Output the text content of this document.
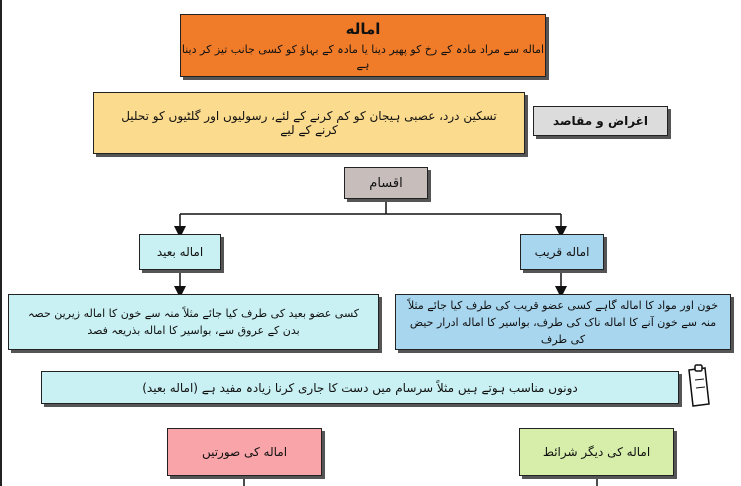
اماله
اماله سے مراد مادہ کے رخ کو پھیر دینا یا مادہ کے بہاؤ کو کسی جانب تیز کر دینا ہے
تسکین درد، عصبی ہیجان کو کم کرنے کے لئے، رسولیوں اور گلٹیوں کو تحلیل کرنے کے لیے
اغراض و مقاصد
اقسام
اماله بعید	اماله قریب
کسی عضو بعید کی طرف کیا جائے مثلاً منہ سے خون کا اماله زیرین حصہ بدن کے عروق سے، بواسیر کا اماله بذریعہ فصد
خون اور مواد کا اماله گاہے کسی عضو قریب کی طرف کیا جائے مثلاً منہ سے خون آنے کا اماله ناک کی طرف، بواسیر کا اماله ادرار حیض کی طرف
دونوں مناسب ہوتے ہیں مثلاً سرسام میں دست کا جاری کرنا زیادہ مفید ہے (اماله بعید)
اماله کی صورتیں	اماله کی دیگر شرائط
